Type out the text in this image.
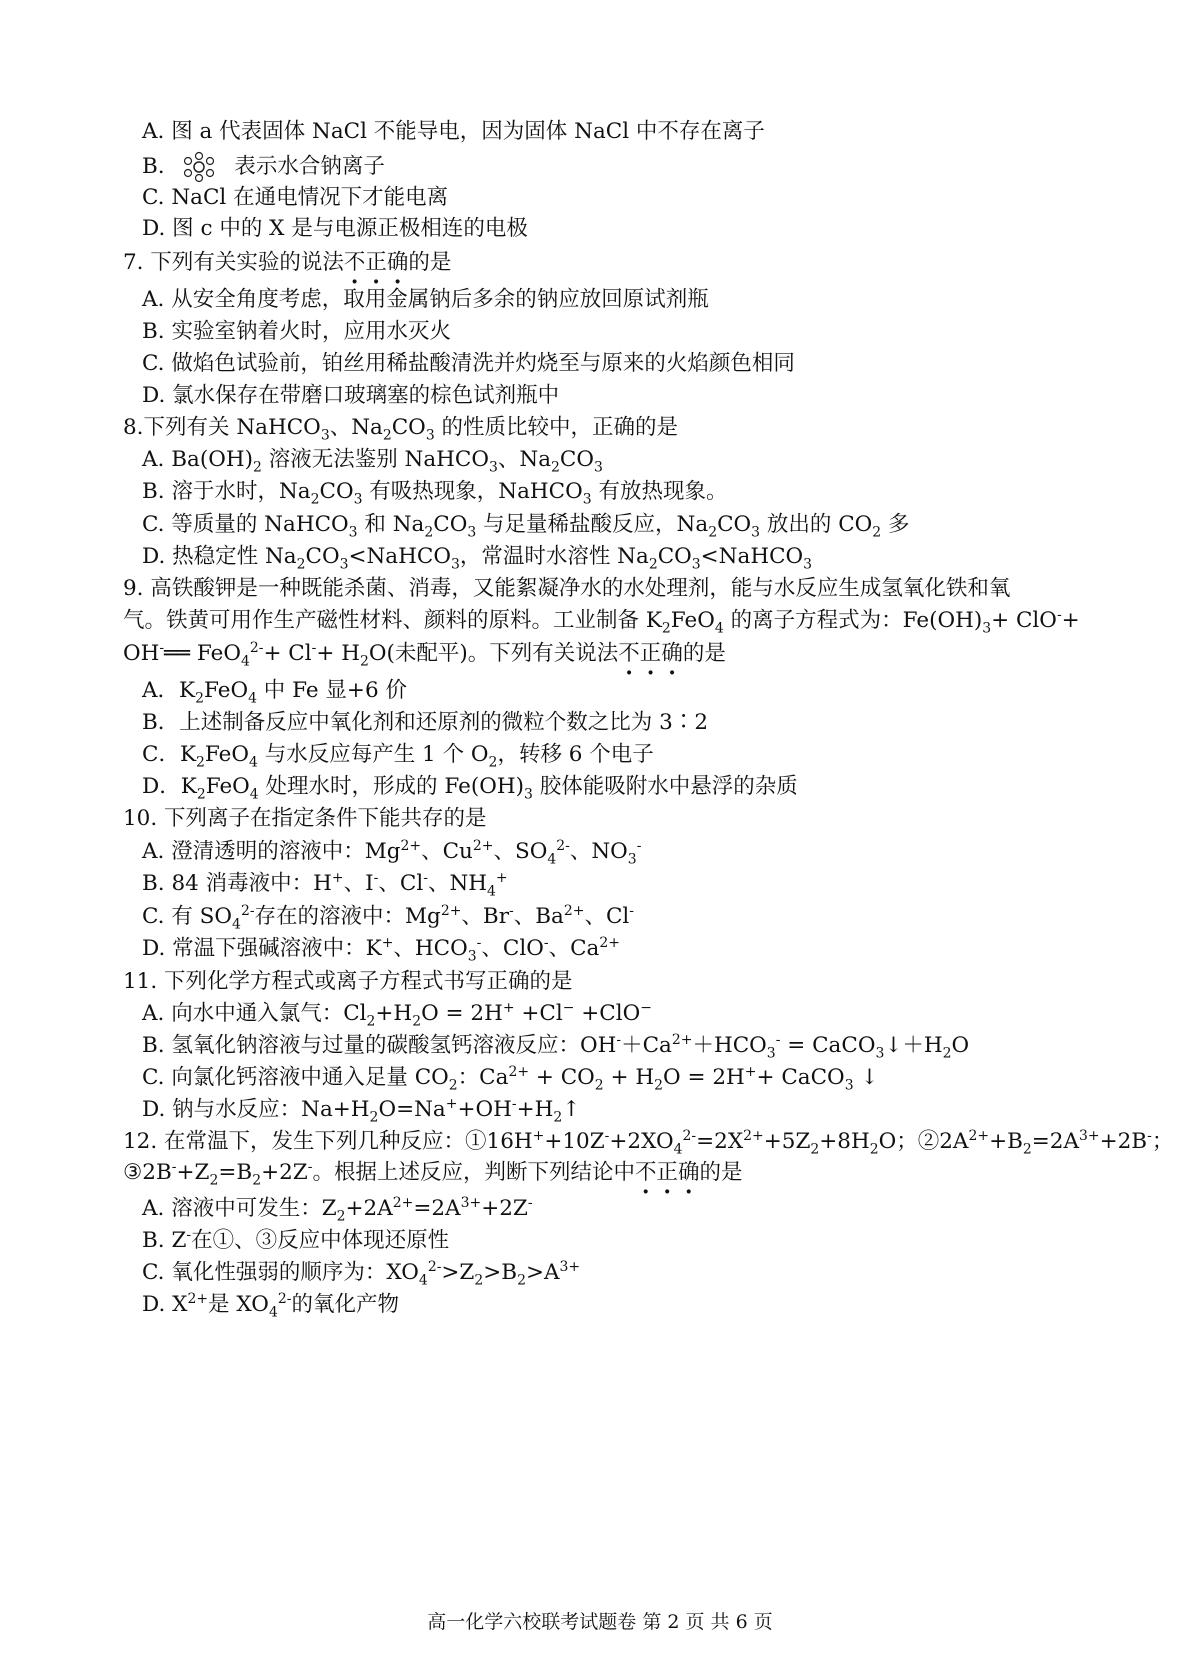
A. 图 a 代表固体 NaCl 不能导电，因为固体 NaCl 中不存在离子
B.	表示水合钠离子
C. NaCl 在通电情况下才能电离
D. 图 c 中的 X 是与电源正极相连的电极
7. 下列有关实验的说法不正确的是
A. 从安全角度考虑，取用金属钠后多余的钠应放回原试剂瓶
B. 实验室钠着火时，应用水灭火
C. 做焰色试验前，铂丝用稀盐酸清洗并灼烧至与原来的火焰颜色相同
D. 氯水保存在带磨口玻璃塞的棕色试剂瓶中
8.下列有关 NaHCO$_3$、$Na_2CO_3$ 的性质比较中，正确的是
A. $Ba(OH)_2$ 溶液无法鉴别 NaHCO$_3$、$Na_2CO_3$
B. 溶于水时，$Na_2CO_3$ 有吸热现象，NaHCO$_3$ 有放热现象。
C. 等质量的 NaHCO$_3$ 和 $Na_2CO_3$ 与足量稀盐酸反应，$Na_2CO_3$ 放出的 $CO_2$ 多
D. 热稳定性 $Na_2CO_3<NaHCO_3$，常温时水溶性 $Na_2CO_3<NaHCO_3$
9. 高铁酸钾是一种既能杀菌、消毒，又能絮凝净水的水处理剂，能与水反应生成氢氧化铁和氧
气。铁黄可用作生产磁性材料、颜料的原料。工业制备 $K_2FeO_4$ 的离子方程式为：$Fe(OH)_3+ ClO^-+$
OH-══ $FeO_4^{2-}+ Cl^-+ H_2O$(未配平)。下列有关说法不正确的是
A．$K_2FeO_4$ 中 Fe 显+6 价
B．上述制备反应中氧化剂和还原剂的微粒个数之比为 3∶2
C．$K_2FeO_4$ 与水反应每产生 1 个 $O_2$，转移 6 个电子
D．$K_2FeO_4$ 处理水时，形成的 $Fe(OH)_3$ 胶体能吸附水中悬浮的杂质
10. 下列离子在指定条件下能共存的是
A. 澄清透明的溶液中：$Mg^{2+}$、$Cu^{2+}$、$SO_4^{2-}$、$NO_3^-$
B. 84 消毒液中：H+、I-、Cl-、$NH_4^+$
C. 有 $SO_4^{2-}$存在的溶液中：$Mg^{2+}$、Br-、$Ba^{2+}$、Cl-
D. 常温下强碱溶液中：K+、$HCO_3^-$、ClO-、$Ca^{2+}$
11. 下列化学方程式或离子方程式书写正确的是
A. 向水中通入氯气：$Cl_2+H_2O = 2H^+ +Cl^- +ClO^-$
B. 氢氧化钠溶液与过量的碳酸氢钙溶液反应：$OH^-+Ca^{2+}+HCO_3^-$ = $CaCO_3↓+H_2O$
C. 向氯化钙溶液中通入足量 $CO_2$：$Ca^{2+} + CO_2 + H_2O = 2H^++$ CaCO$_3$ ↓
D. 钠与水反应：$Na+H_2O=Na^++OH^-+H_2↑$
12. 在常温下，发生下列几种反应：$①16H^++10Z^-+2XO_4^{2-}=2X^{2+}+5Z_2+8H_2O$；$②2A^{2+}+B_2=2A^{3+}+2B^-$；
$③2B^-+Z_2=B_2+2Z^-$。根据上述反应，判断下列结论中不正确的是
A. 溶液中可发生：$Z_2+2A^{2+}=2A^{3+}+2Z^-$
B. Z-在①、③反应中体现还原性
C. 氧化性强弱的顺序为：$XO_4^{2-}>Z_2>B_2>A^{3+}$
D. $X^{2+}$是 $XO_4^{2-}$的氧化产物
高一化学六校联考试题卷 第 2 页 共 6 页
